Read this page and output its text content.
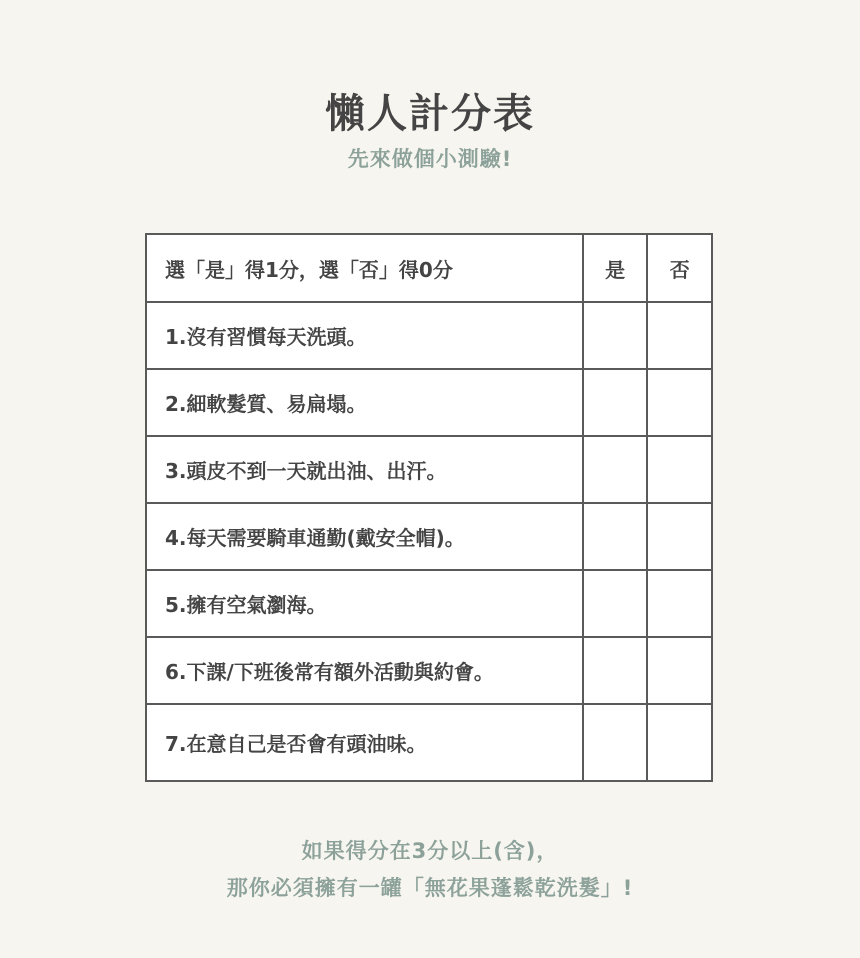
懶人計分表
先來做個小測驗!
選「是」得1分，選「否」得0分	是	否
1.沒有習慣每天洗頭。		
2.細軟髮質、易扁塌。		
3.頭皮不到一天就出油、出汗。		
4.每天需要騎車通勤(戴安全帽)。		
5.擁有空氣瀏海。		
6.下課/下班後常有額外活動與約會。		
7.在意自己是否會有頭油味。		
如果得分在3分以上(含)，
那你必須擁有一罐「無花果蓬鬆乾洗髮」!
